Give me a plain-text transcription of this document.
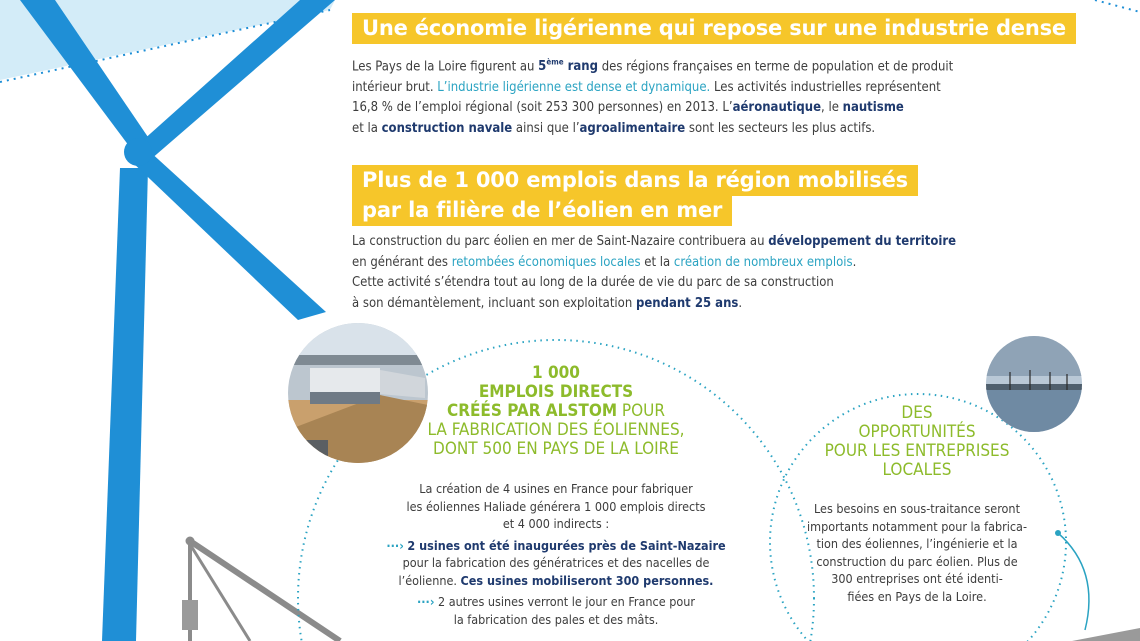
Une économie ligérienne qui repose sur une industrie dense
Les Pays de la Loire figurent au 5ème rang des régions françaises en terme de population et de produit
intérieur brut. L’industrie ligérienne est dense et dynamique. Les activités industrielles représentent
16,8 % de l’emploi régional (soit 253 300 personnes) en 2013. L’aéronautique, le nautisme
et la construction navale ainsi que l’agroalimentaire sont les secteurs les plus actifs.
Plus de 1 000 emplois dans la région mobilisés
par la filière de l’éolien en mer
La construction du parc éolien en mer de Saint-Nazaire contribuera au développement du territoire
en générant des retombées économiques locales et la création de nombreux emplois.
Cette activité s’étendra tout au long de la durée de vie du parc de sa construction
à son démantèlement, incluant son exploitation pendant 25 ans.
1 000
EMPLOIS DIRECTS
CRÉÉS PAR ALSTOM POUR
LA FABRICATION DES ÉOLIENNES,
DONT 500 EN PAYS DE LA LOIRE
La création de 4 usines en France pour fabriquer
les éoliennes Haliade générera 1 000 emplois directs
et 4 000 indirects :
···› 2 usines ont été inaugurées près de Saint-Nazaire
pour la fabrication des génératrices et des nacelles de
l’éolienne. Ces usines mobiliseront 300 personnes.
···› 2 autres usines verront le jour en France pour
la fabrication des pales et des mâts.
DES
OPPORTUNITÉS
POUR LES ENTREPRISES
LOCALES
Les besoins en sous-traitance seront
importants notamment pour la fabrica-
tion des éoliennes, l’ingénierie et la
construction du parc éolien. Plus de
300 entreprises ont été identi-
fiées en Pays de la Loire.
